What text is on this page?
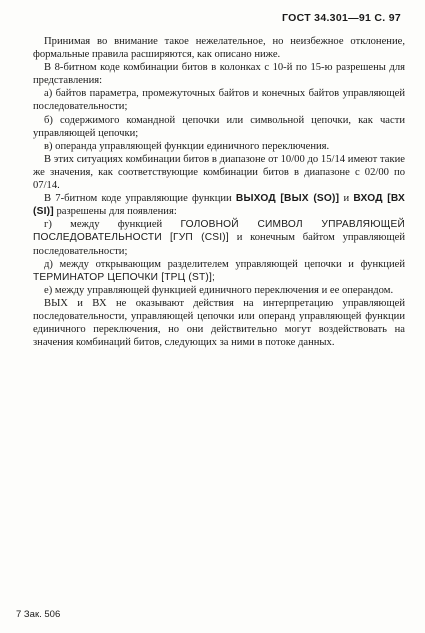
ГОСТ 34.301—91 С. 97

Принимая во внимание такое нежелательное, но неизбежное отклонение, формальные правила расширяются, как описано ниже.

В 8-битном коде комбинации битов в колонках с 10-й по 15-ю разрешены для представления:

а) байтов параметра, промежуточных байтов и конечных байтов управляющей последовательности;

б) содержимого командной цепочки или символьной цепочки, как части управляющей цепочки;

в) операнда управляющей функции единичного переключения.

В этих ситуациях комбинации битов в диапазоне от 10/00 до 15/14 имеют такие же значения, как соответствующие комбинации битов в диапазоне с 02/00 по 07/14.

В 7-битном коде управляющие функции ВЫХОД [ВЫХ (SO)] и ВХОД [ВХ (SI)] разрешены для появления:

г) между функцией ГОЛОВНОЙ СИМВОЛ УПРАВЛЯЮЩЕЙ ПОСЛЕДОВАТЕЛЬНОСТИ [ГУП (CSI)] и конечным байтом управляющей последовательности;

д) между открывающим разделителем управляющей цепочки и функцией ТЕРМИНАТОР ЦЕПОЧКИ [ТРЦ (ST)];

е) между управляющей функцией единичного переключения и ее операндом.

ВЫХ и ВХ не оказывают действия на интерпретацию управляющей последовательности, управляющей цепочки или операнд управляющей функции единичного переключения, но они действительно могут воздействовать на значения комбинаций битов, следующих за ними в потоке данных.

7 Зак. 506
